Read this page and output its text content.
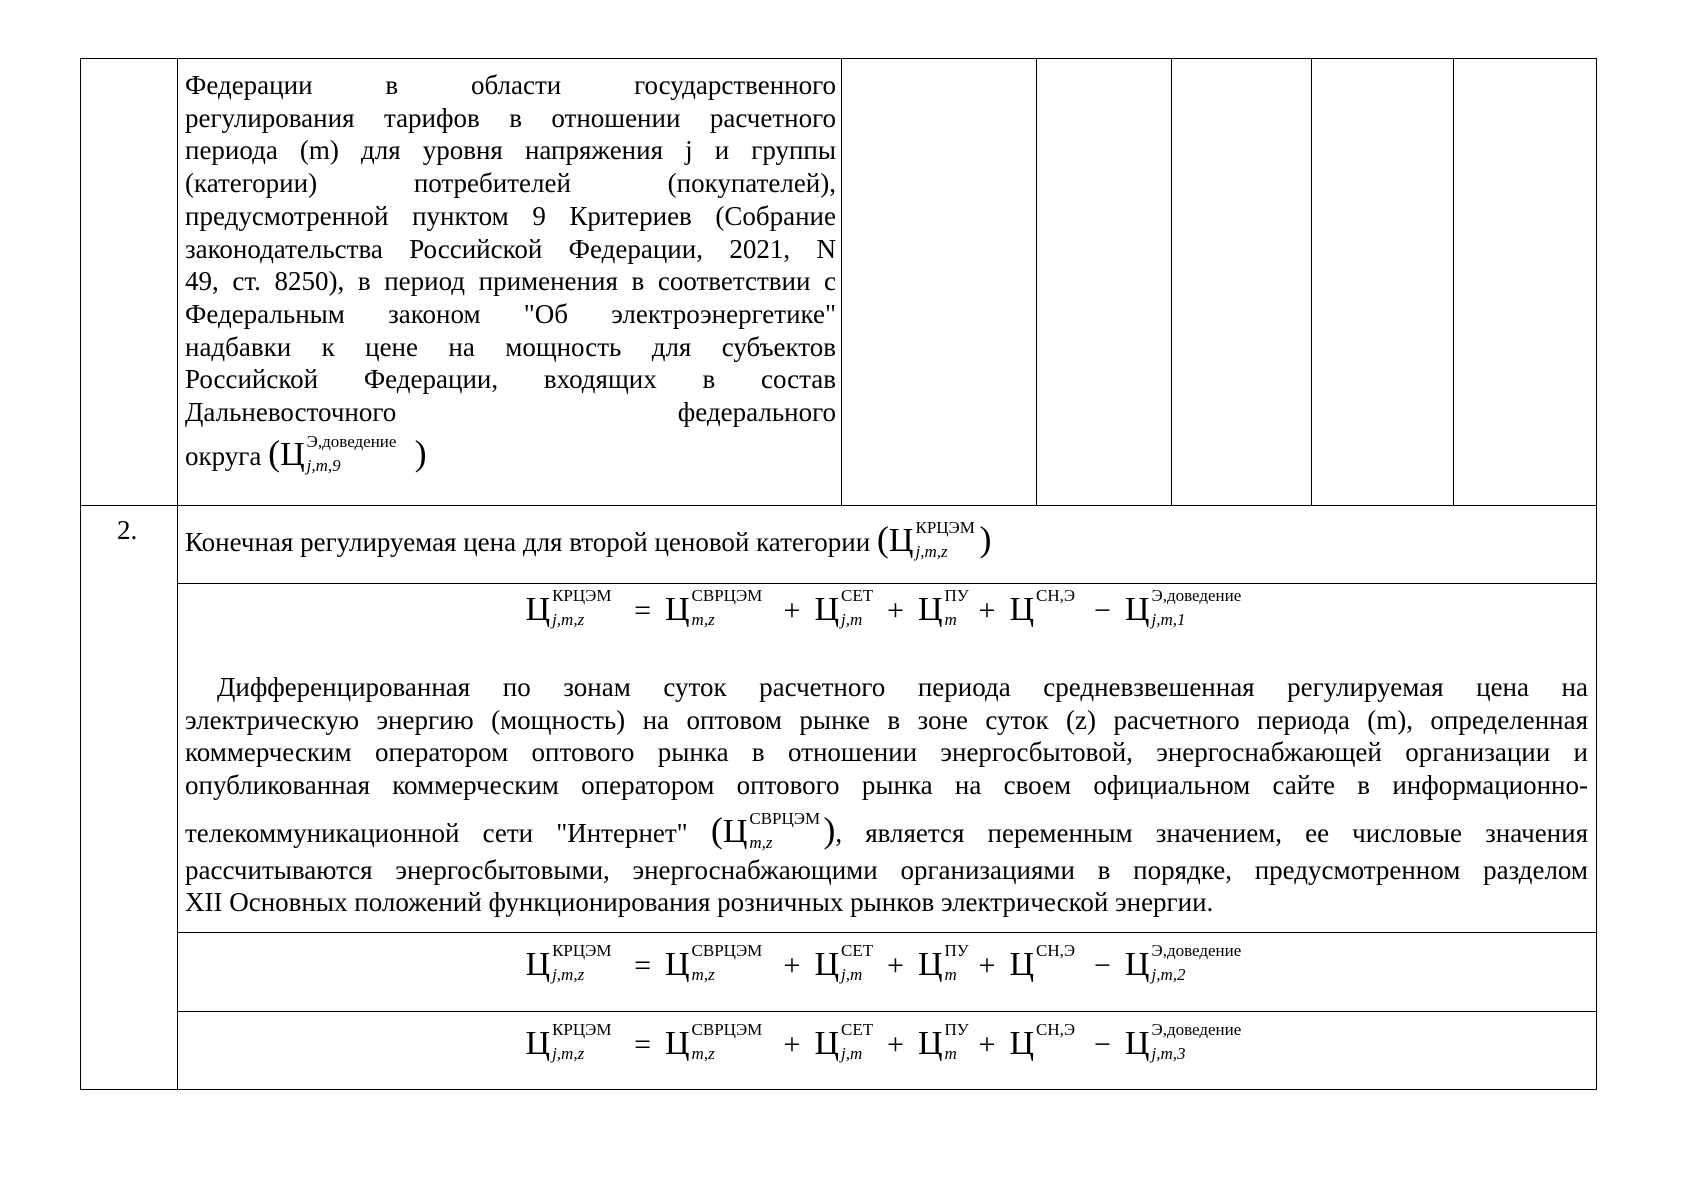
Федерации в области государственного
регулирования тарифов в отношении расчетного
периода (m) для уровня напряжения j и группы
(категории) потребителей (покупателей),
предусмотренной пунктом 9 Критериев (Собрание
законодательства Российской Федерации, 2021, N
49, ст. 8250), в период применения в соответствии с
Федеральным законом "Об электроэнергетике"
надбавки к цене на мощность для субъектов
Российской Федерации, входящих в состав
Дальневосточного федерального
округа (Ц Э,доведение
j,m,9 )
2. Конечная регулируемая цена для второй ценовой категории (Ц КРЦЭМ
j,m,z )
Ц КРЦЭМ
j,m,z = Ц СВРЦЭМ
m,z + Ц СЕТ
j,m + Ц ПУ
m + Ц СН,Э − Ц Э,доведение
j,m,1
Дифференцированная по зонам суток расчетного периода средневзвешенная регулируемая цена на
электрическую энергию (мощность) на оптовом рынке в зоне суток (z) расчетного периода (m), определенная
коммерческим оператором оптового рынка в отношении энергосбытовой, энергоснабжающей организации и
опубликованная коммерческим оператором оптового рынка на своем официальном сайте в информационно-
телекоммуникационной сети "Интернет" (Ц СВРЦЭМ
m,z ), является переменным значением, ее числовые значения
рассчитываются энергосбытовыми, энергоснабжающими организациями в порядке, предусмотренном разделом
XII Основных положений функционирования розничных рынков электрической энергии.
Ц КРЦЭМ
j,m,z = Ц СВРЦЭМ
m,z + Ц СЕТ
j,m + Ц ПУ
m + Ц СН,Э − Ц Э,доведение
j,m,2
Ц КРЦЭМ
j,m,z = Ц СВРЦЭМ
m,z + Ц СЕТ
j,m + Ц ПУ
m + Ц СН,Э − Ц Э,доведение
j,m,3
